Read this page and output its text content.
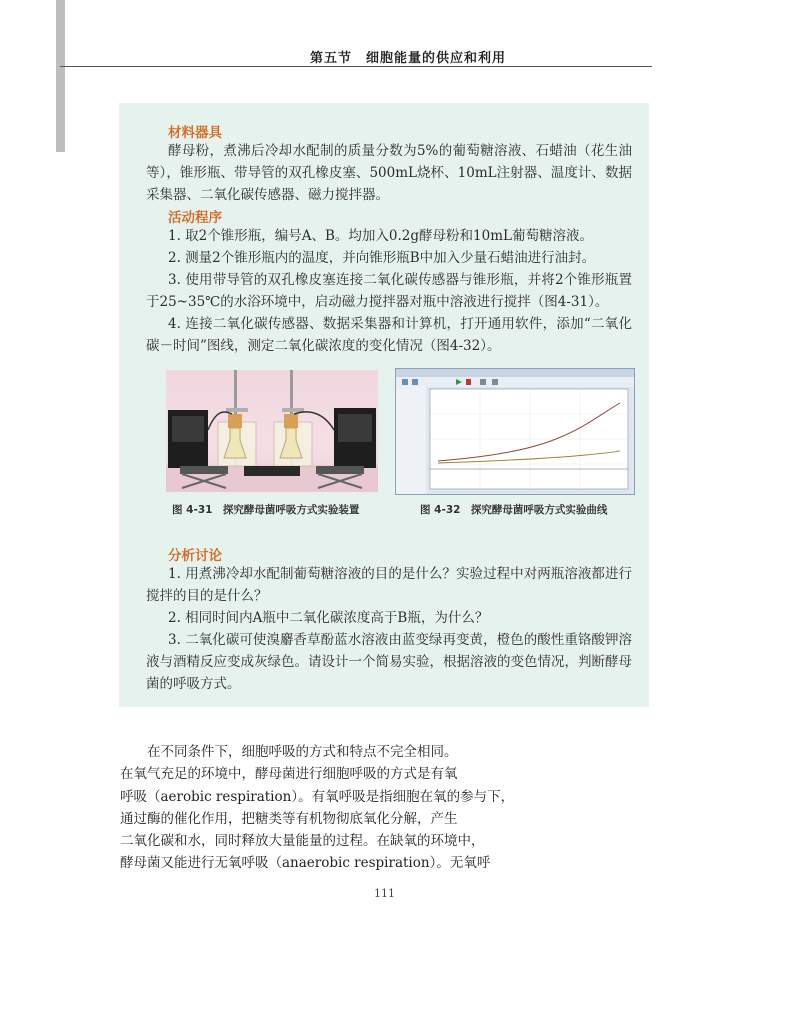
第五节　细胞能量的供应和利用
材料器具

酵母粉，煮沸后冷却水配制的质量分数为5%的葡萄糖溶液、石蜡油（花生油等），锥形瓶、带导管的双孔橡皮塞、500mL烧杯、10mL注射器、温度计、数据采集器、二氧化碳传感器、磁力搅拌器。

活动程序

1. 取2个锥形瓶，编号A、B。均加入0.2g酵母粉和10mL葡萄糖溶液。

2. 测量2个锥形瓶内的温度，并向锥形瓶B中加入少量石蜡油进行油封。

3. 使用带导管的双孔橡皮塞连接二氧化碳传感器与锥形瓶，并将2个锥形瓶置于25~35℃的水浴环境中，启动磁力搅拌器对瓶中溶液进行搅拌（图4-31）。

4. 连接二氧化碳传感器、数据采集器和计算机，打开通用软件，添加“二氧化碳－时间”图线，测定二氧化碳浓度的变化情况（图4-32）。

图 4-31　探究酵母菌呼吸方式实验装置	图 4-32　探究酵母菌呼吸方式实验曲线
分析讨论

1. 用煮沸冷却水配制葡萄糖溶液的目的是什么？实验过程中对两瓶溶液都进行搅拌的目的是什么？

2. 相同时间内A瓶中二氧化碳浓度高于B瓶，为什么？

3. 二氧化碳可使溴麝香草酚蓝水溶液由蓝变绿再变黄，橙色的酸性重铬酸钾溶液与酒精反应变成灰绿色。请设计一个简易实验，根据溶液的变色情况，判断酵母菌的呼吸方式。

在不同条件下，细胞呼吸的方式和特点不完全相同。
在氧气充足的环境中，酵母菌进行细胞呼吸的方式是有氧
呼吸（aerobic respiration）。有氧呼吸是指细胞在氧的参与下，
通过酶的催化作用，把糖类等有机物彻底氧化分解，产生
二氧化碳和水，同时释放大量能量的过程。在缺氧的环境中，
酵母菌又能进行无氧呼吸（anaerobic respiration）。无氧呼
111
